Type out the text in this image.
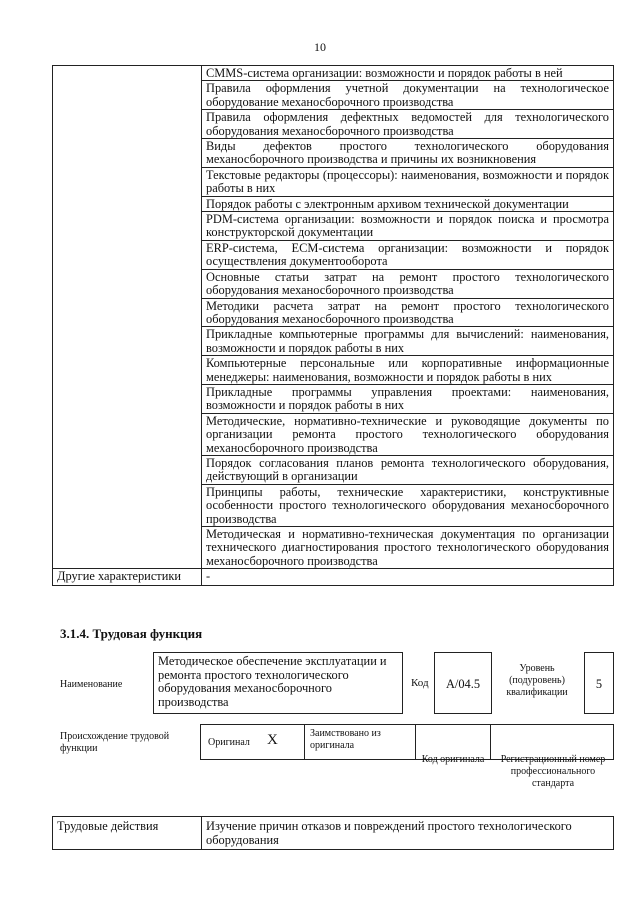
10
	CMMS-система организации: возможности и порядок работы в ней
	Правила оформления учетной документации на технологическое оборудование механосборочного производства
	Правила оформления дефектных ведомостей для технологического оборудования механосборочного производства
	Виды дефектов простого технологического оборудования механосборочного производства и причины их возникновения
	Текстовые редакторы (процессоры): наименования, возможности и порядок работы в них
	Порядок работы с электронным архивом технической документации
	PDM-система организации: возможности и порядок поиска и просмотра конструкторской документации
	ERP-система, ECM-система организации: возможности и порядок осуществления документооборота
	Основные статьи затрат на ремонт простого технологического оборудования механосборочного производства
	Методики расчета затрат на ремонт простого технологического оборудования механосборочного производства
	Прикладные компьютерные программы для вычислений: наименования, возможности и порядок работы в них
	Компьютерные персональные или корпоративные информационные менеджеры: наименования, возможности и порядок работы в них
	Прикладные программы управления проектами: наименования, возможности и порядок работы в них
	Методические, нормативно-технические и руководящие документы по организации ремонта простого технологического оборудования механосборочного производства
	Порядок согласования планов ремонта технологического оборудования, действующий в организации
	Принципы работы, технические характеристики, конструктивные особенности простого технологического оборудования механосборочного производства
	Методическая и нормативно-техническая документация по организации технического диагностирования простого технологического оборудования механосборочного производства
Другие характеристики	-
3.1.4. Трудовая функция
Наименование
Методическое обеспечение эксплуатации и ремонта простого технологического оборудования механосборочного производства
Код	A/04.5
Уровень (подуровень) квалификации
5
Происхождение трудовой функции
Оригинал X	Заимствовано из оригинала
Код оригинала	Регистрационный номер профессионального стандарта
Трудовые действия	Изучение причин отказов и повреждений простого технологического оборудования
